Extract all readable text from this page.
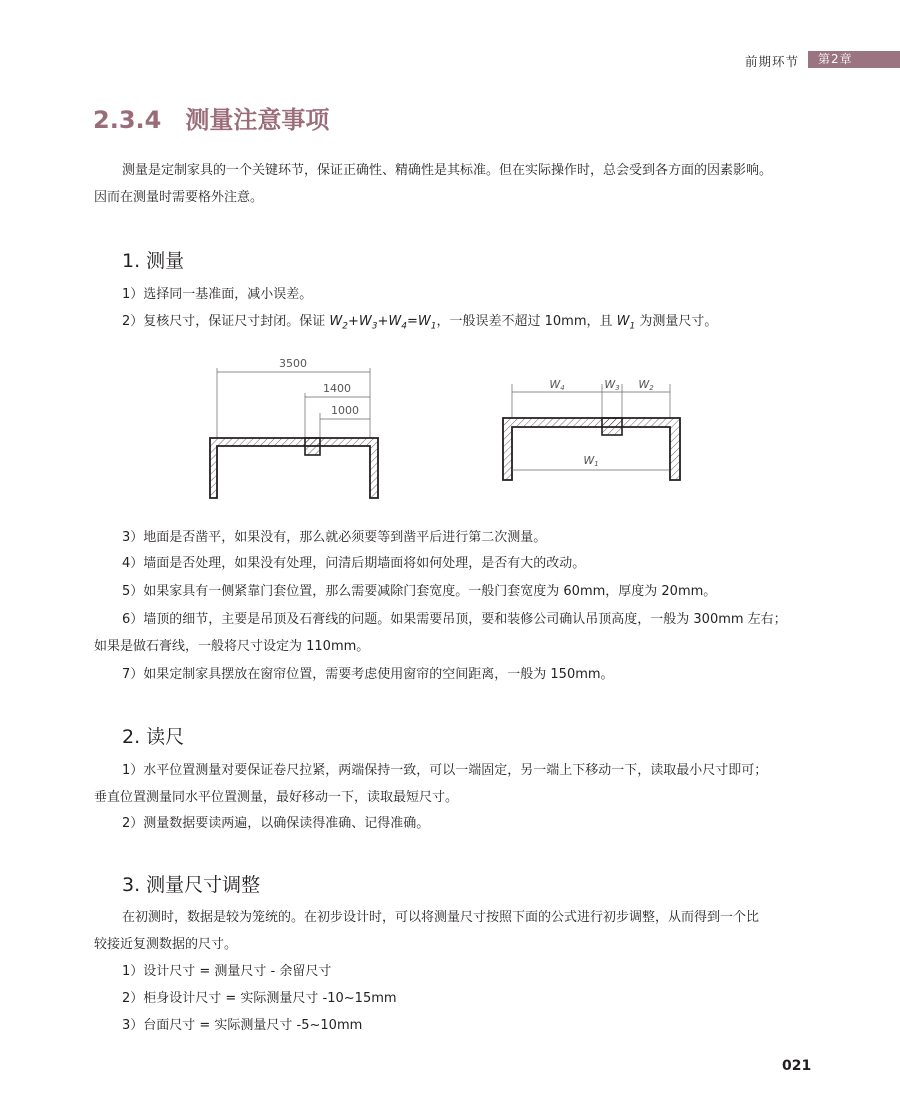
前期环节	第2章
2.3.4 测量注意事项
测量是定制家具的一个关键环节，保证正确性、精确性是其标准。但在实际操作时，总会受到各方面的因素影响。
因而在测量时需要格外注意。
1. 测量
1）选择同一基准面，减小误差。
2）复核尺寸，保证尺寸封闭。保证 $W_2+W_3+W_4=W_1$，一般误差不超过 10mm，且 $W_1$ 为测量尺寸。
3500
1400
1000
W4	W3 W2
W1
3）地面是否凿平，如果没有，那么就必须要等到凿平后进行第二次测量。
4）墙面是否处理，如果没有处理，问清后期墙面将如何处理，是否有大的改动。
5）如果家具有一侧紧靠门套位置，那么需要减除门套宽度。一般门套宽度为 60mm，厚度为 20mm。
6）墙顶的细节，主要是吊顶及石膏线的问题。如果需要吊顶，要和装修公司确认吊顶高度，一般为 300mm 左右；
如果是做石膏线，一般将尺寸设定为 110mm。
7）如果定制家具摆放在窗帘位置，需要考虑使用窗帘的空间距离，一般为 150mm。
2. 读尺
1）水平位置测量对要保证卷尺拉紧，两端保持一致，可以一端固定，另一端上下移动一下，读取最小尺寸即可；
垂直位置测量同水平位置测量，最好移动一下，读取最短尺寸。
2）测量数据要读两遍，以确保读得准确、记得准确。
3. 测量尺寸调整
在初测时，数据是较为笼统的。在初步设计时，可以将测量尺寸按照下面的公式进行初步调整，从而得到一个比
较接近复测数据的尺寸。
1）设计尺寸 = 测量尺寸 - 余留尺寸
2）柜身设计尺寸 = 实际测量尺寸 -10~15mm
3）台面尺寸 = 实际测量尺寸 -5~10mm
021
